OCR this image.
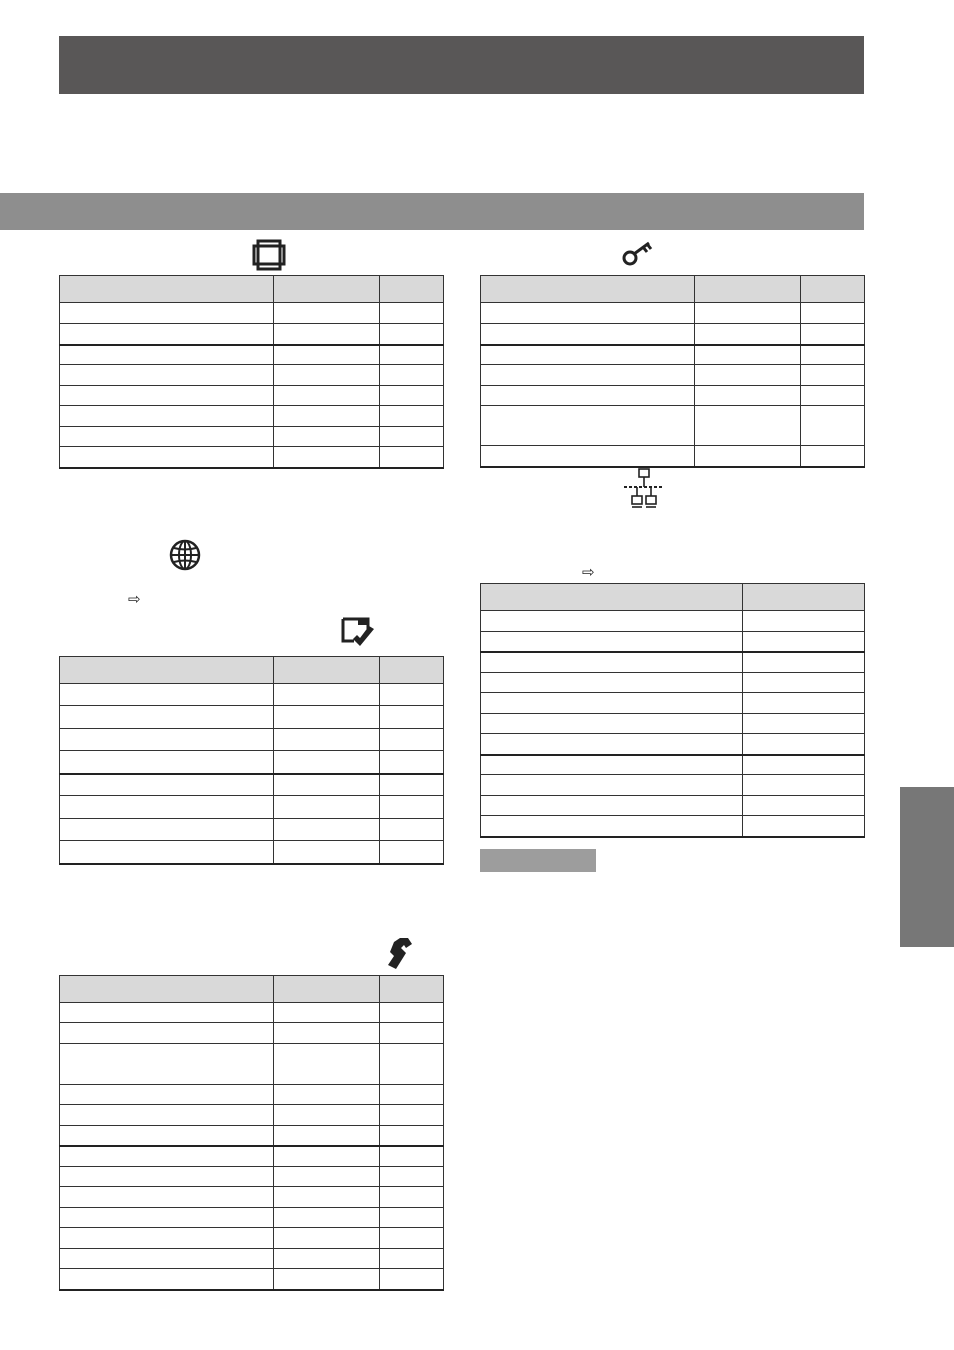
⇨
⇨
